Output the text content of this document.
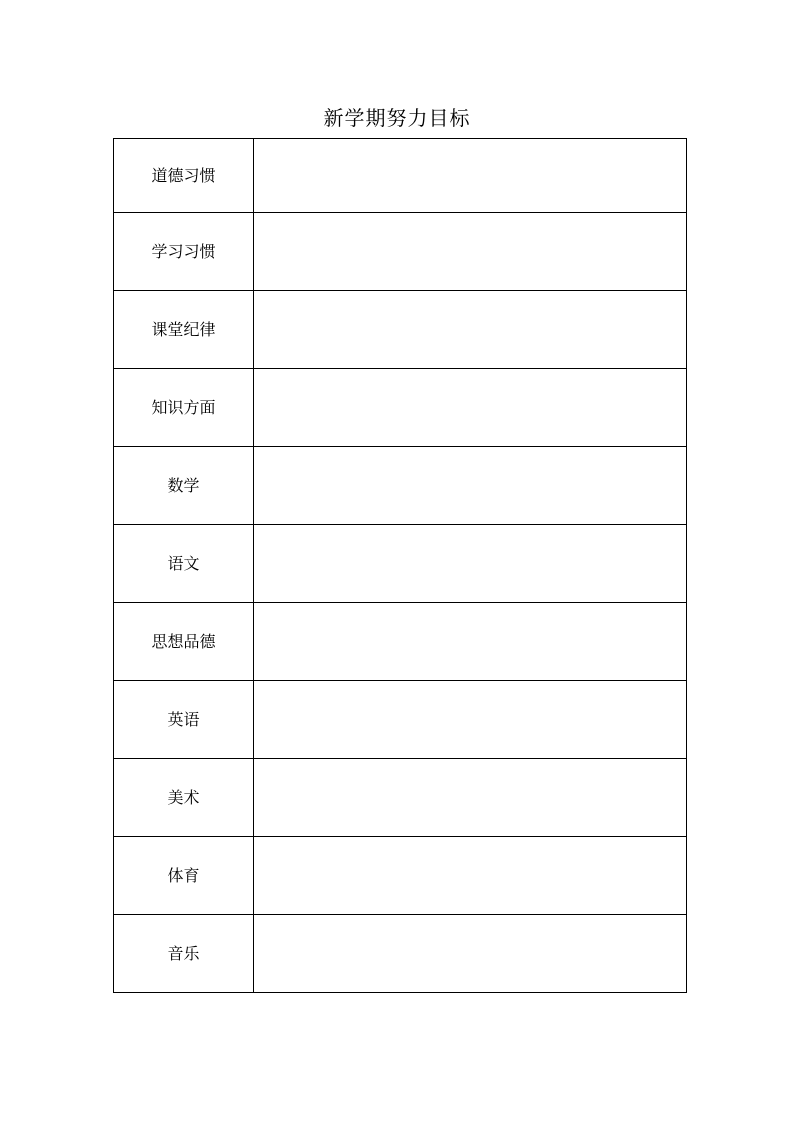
新学期努力目标
道德习惯	
学习习惯	
课堂纪律	
知识方面	
数学	
语文	
思想品德	
英语	
美术	
体育	
音乐	
